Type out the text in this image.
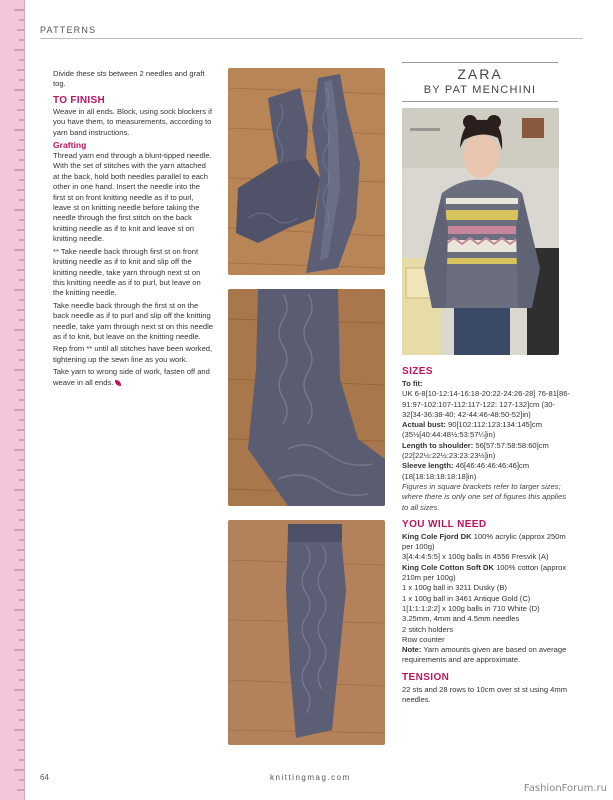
PATTERNS

Divide these sts between 2 needles and graft tog.

TO FINISH

Weave in all ends. Block, using sock blockers if you have them, to measurements, according to yarn band instructions.

Grafting

Thread yarn end through a blunt-tipped needle. With the set of stitches with the yarn attached at the back, hold both needles parallel to each other in one hand. Insert the needle into the first st on front knitting needle as if to purl, leave st on knitting needle before taking the needle through the first stitch on the back knitting needle as if to knit and leave st on knitting needle.

** Take needle back through first st on front knitting needle as if to knit and slip off the knitting needle, take yarn through next st on this knitting needle as if to purl, but leave on the knitting needle.

Take needle back through the first st on the back needle as if to purl and slip off the knitting needle, take yarn through next st on this needle as if to knit, but leave on the knitting needle.

Rep from ** until all stitches have been worked, tightening up the sewn line as you work.

Take yarn to wrong side of work, fasten off and weave in all ends.

ZARA
BY PAT MENCHINI
SIZES

To fit:

UK 6-8[10-12:14-16:18-20:22-24:26-28] 76-81[86-91:97-102:107-112:117-122: 127-132]cm (30-32[34-36:38-40: 42-44:46-48:50-52]in)

Actual bust: 90[102:112:123:134:145]cm (35½[40:44:48½:53:57¼]in)

Length to shoulder: 56[57:57:58:58:60]cm (22[22½:22½:23:23:23½]in)

Sleeve length: 46[46:46:46:46:46]cm (18[18:18:18:18:18]in)

Figures in square brackets refer to larger sizes; where there is only one set of figures this applies to all sizes.

YOU WILL NEED

King Cole Fjord DK 100% acrylic (approx 250m per 100g)

3[4:4:4:5:5] x 100g balls in 4556 Fresvik (A)

King Cole Cotton Soft DK 100% cotton (approx 210m per 100g)

1 x 100g ball in 3211 Dusky (B)

1 x 100g ball in 3461 Antique Gold (C)

1[1:1:1:2:2] x 100g balls in 710 White (D)

3.25mm, 4mm and 4.5mm needles

2 stitch holders

Row counter

Note: Yarn amounts given are based on average requirements and are approximate.

TENSION

22 sts and 28 rows to 10cm over st st using 4mm needles.

64	knittingmag.com
FashionForum.ru
